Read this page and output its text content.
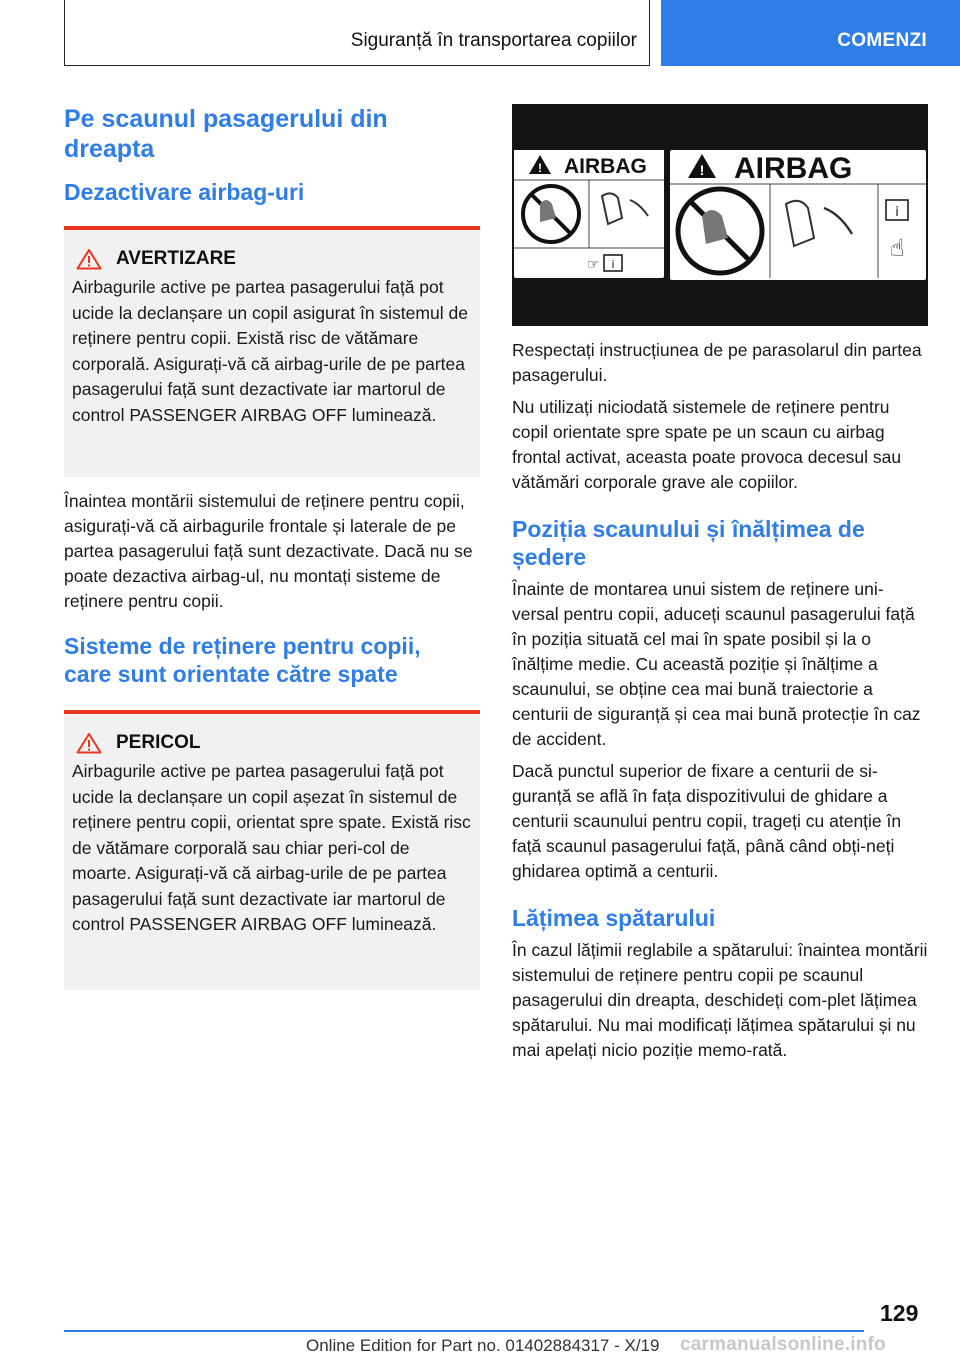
Siguranță în transportarea copiilor	COMENZI
Pe scaunul pasagerului din dreapta
Dezactivare airbag-uri
AVERTIZARE

Airbagurile active pe partea pasagerului față pot ucide la declanșare un copil asigurat în sistemul de reținere pentru copii. Există risc de vătămare corporală. Asigurați-vă că airbag-urile de pe partea pasagerului față sunt dezactivate iar martorul de control PASSENGER AIRBAG OFF luminează.

Înaintea montării sistemului de reținere pentru copii, asigurați-vă că airbagurile frontale și laterale de pe partea pasagerului față sunt dezactivate. Dacă nu se poate dezactiva airbag-ul, nu montați sisteme de reținere pentru copii.

Sisteme de reținere pentru copii, care sunt orientate către spate
PERICOL

Airbagurile active pe partea pasagerului față pot ucide la declanșare un copil așezat în sistemul de reținere pentru copii, orientat spre spate. Există risc de vătămare corporală sau chiar peri-col de moarte. Asigurați-vă că airbag-urile de pe partea pasagerului față sunt dezactivate iar martorul de control PASSENGER AIRBAG OFF luminează.

! AIRBAG
☞ i
! AIRBAG
i
☝

Respectați instrucțiunea de pe parasolarul din partea pasagerului.

Nu utilizați niciodată sistemele de reținere pentru copil orientate spre spate pe un scaun cu airbag frontal activat, aceasta poate provoca decesul sau vătămări corporale grave ale copiilor.

Poziția scaunului și înălțimea de ședere

Înainte de montarea unui sistem de reținere uni-versal pentru copii, aduceți scaunul pasagerului față în poziția situată cel mai în spate posibil și la o înălțime medie. Cu această poziție și înălțime a scaunului, se obține cea mai bună traiectorie a centurii de siguranță și cea mai bună protecție în caz de accident.

Dacă punctul superior de fixare a centurii de si-guranță se află în fața dispozitivului de ghidare a centurii scaunului pentru copii, trageți cu atenție în față scaunul pasagerului față, până când obți-neți ghidarea optimă a centurii.

Lățimea spătarului

În cazul lățimii reglabile a spătarului: înaintea montării sistemului de reținere pentru copii pe scaunul pasagerului din dreapta, deschideți com-plet lățimea spătarului. Nu mai modificați lățimea spătarului și nu mai apelați nicio poziție memo-rată.

129
Online Edition for Part no. 01402884317 - X/19 carmanualsonline.info
